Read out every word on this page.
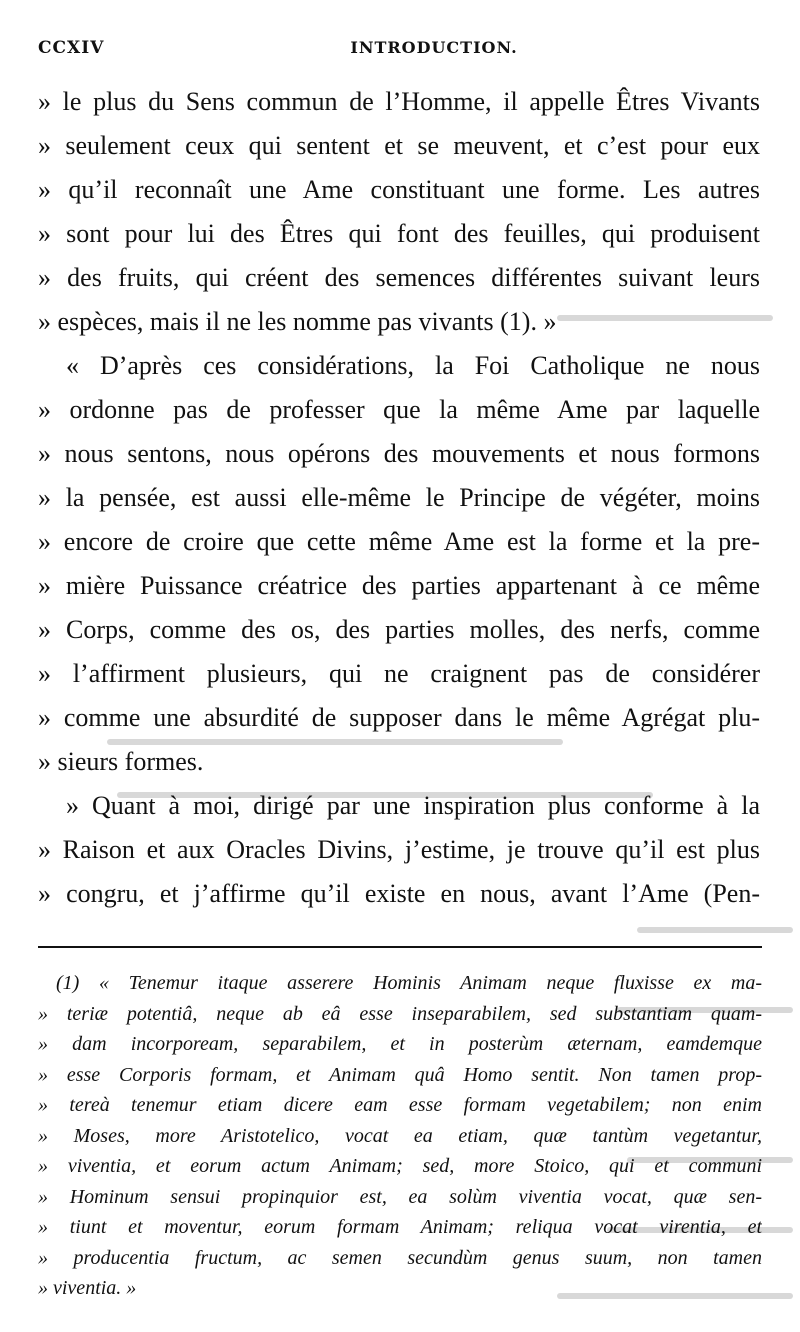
CCXIV	INTRODUCTION.
» le plus du Sens commun de l’Homme, il appelle Êtres Vivants
» seulement ceux qui sentent et se meuvent, et c’est pour eux
» qu’il reconnaît une Ame constituant une forme. Les autres
» sont pour lui des Êtres qui font des feuilles, qui produisent
» des fruits, qui créent des semences différentes suivant leurs
» espèces, mais il ne les nomme pas vivants (1). »
« D’après ces considérations, la Foi Catholique ne nous
» ordonne pas de professer que la même Ame par laquelle
» nous sentons, nous opérons des mouvements et nous formons
» la pensée, est aussi elle-même le Principe de végéter, moins
» encore de croire que cette même Ame est la forme et la pre-
» mière Puissance créatrice des parties appartenant à ce même
» Corps, comme des os, des parties molles, des nerfs, comme
» l’affirment plusieurs, qui ne craignent pas de considérer
» comme une absurdité de supposer dans le même Agrégat plu-
» sieurs formes.
» Quant à moi, dirigé par une inspiration plus conforme à la
» Raison et aux Oracles Divins, j’estime, je trouve qu’il est plus
» congru, et j’affirme qu’il existe en nous, avant l’Ame (Pen-
(1) « Tenemur itaque asserere Hominis Animam neque fluxisse ex ma-
» teriæ potentiâ, neque ab eâ esse inseparabilem, sed substantiam quam-
» dam incorpoream, separabilem, et in posterùm æternam, eamdemque
» esse Corporis formam, et Animam quâ Homo sentit. Non tamen prop-
» tereà tenemur etiam dicere eam esse formam vegetabilem; non enim
» Moses, more Aristotelico, vocat ea etiam, quæ tantùm vegetantur,
» viventia, et eorum actum Animam; sed, more Stoico, qui et communi
» Hominum sensui propinquior est, ea solùm viventia vocat, quæ sen-
» tiunt et moventur, eorum formam Animam; reliqua vocat virentia, et
» producentia fructum, ac semen secundùm genus suum, non tamen
» viventia. »
